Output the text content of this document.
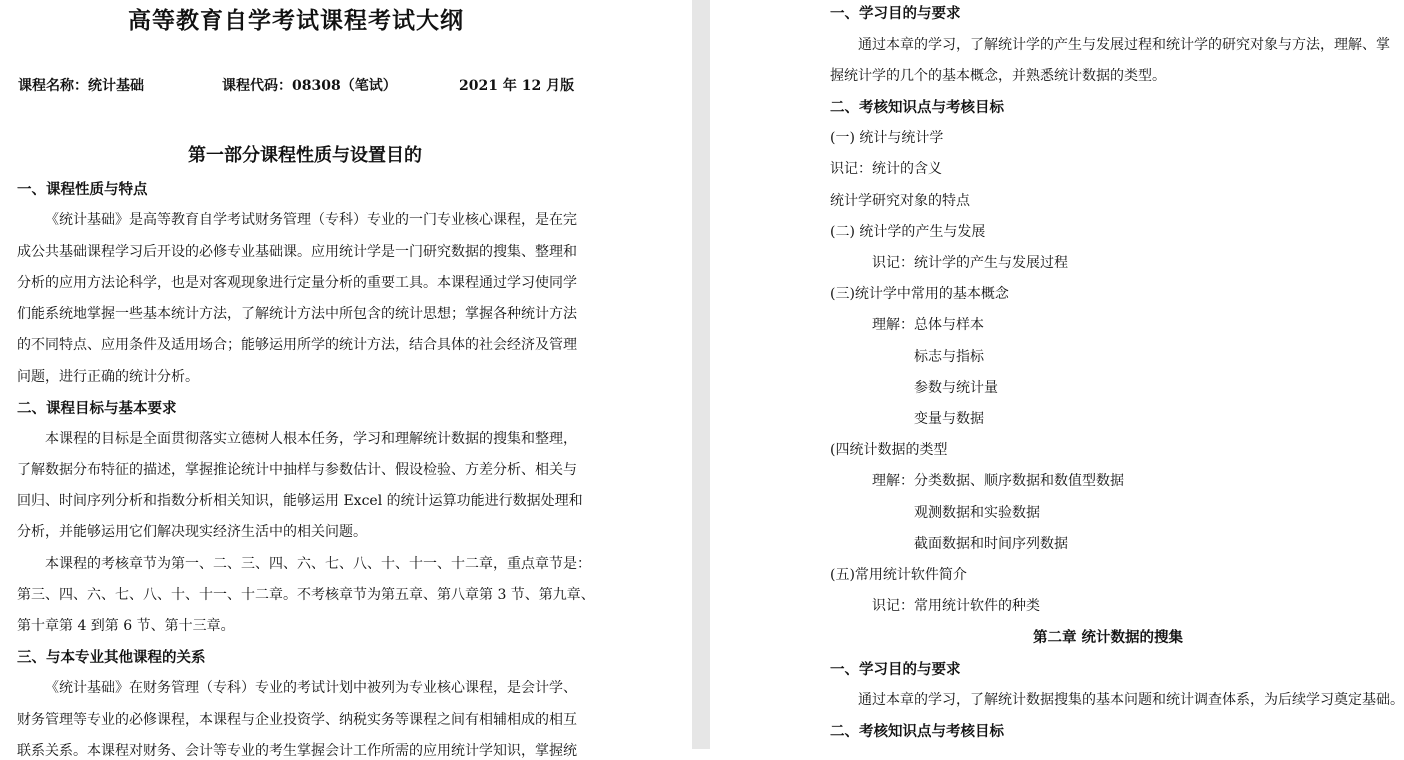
高等教育自学考试课程考试大纲
课程名称：统计基础	课程代码：08308（笔试）	2021 年 12 月版
第一部分课程性质与设置目的
一、课程性质与特点
《统计基础》是高等教育自学考试财务管理（专科）专业的一门专业核心课程，是在完
成公共基础课程学习后开设的必修专业基础课。应用统计学是一门研究数据的搜集、整理和
分析的应用方法论科学，也是对客观现象进行定量分析的重要工具。本课程通过学习使同学
们能系统地掌握一些基本统计方法，了解统计方法中所包含的统计思想；掌握各种统计方法
的不同特点、应用条件及适用场合；能够运用所学的统计方法，结合具体的社会经济及管理
问题，进行正确的统计分析。
二、课程目标与基本要求
本课程的目标是全面贯彻落实立德树人根本任务，学习和理解统计数据的搜集和整理，
了解数据分布特征的描述，掌握推论统计中抽样与参数估计、假设检验、方差分析、相关与
回归、时间序列分析和指数分析相关知识，能够运用 Excel 的统计运算功能进行数据处理和
分析，并能够运用它们解决现实经济生活中的相关问题。
本课程的考核章节为第一、二、三、四、六、七、八、十、十一、十二章，重点章节是：
第三、四、六、七、八、十、十一、十二章。不考核章节为第五章、第八章第 3 节、第九章、
第十章第 4 到第 6 节、第十三章。
三、与本专业其他课程的关系
《统计基础》在财务管理（专科）专业的考试计划中被列为专业核心课程，是会计学、
财务管理等专业的必修课程，本课程与企业投资学、纳税实务等课程之间有相辅相成的相互
联系关系。本课程对财务、会计等专业的考生掌握会计工作所需的应用统计学知识，掌握统
一、学习目的与要求
通过本章的学习，了解统计学的产生与发展过程和统计学的研究对象与方法，理解、掌
握统计学的几个的基本概念，并熟悉统计数据的类型。
二、考核知识点与考核目标
(一) 统计与统计学
识记：统计的含义
统计学研究对象的特点
(二) 统计学的产生与发展
识记：统计学的产生与发展过程
(三)统计学中常用的基本概念
理解：总体与样本
标志与指标
参数与统计量
变量与数据
(四统计数据的类型
理解：分类数据、顺序数据和数值型数据
观测数据和实验数据
截面数据和时间序列数据
(五)常用统计软件简介
识记：常用统计软件的种类
第二章 统计数据的搜集
一、学习目的与要求
通过本章的学习，了解统计数据搜集的基本问题和统计调查体系，为后续学习奠定基础。
二、考核知识点与考核目标
